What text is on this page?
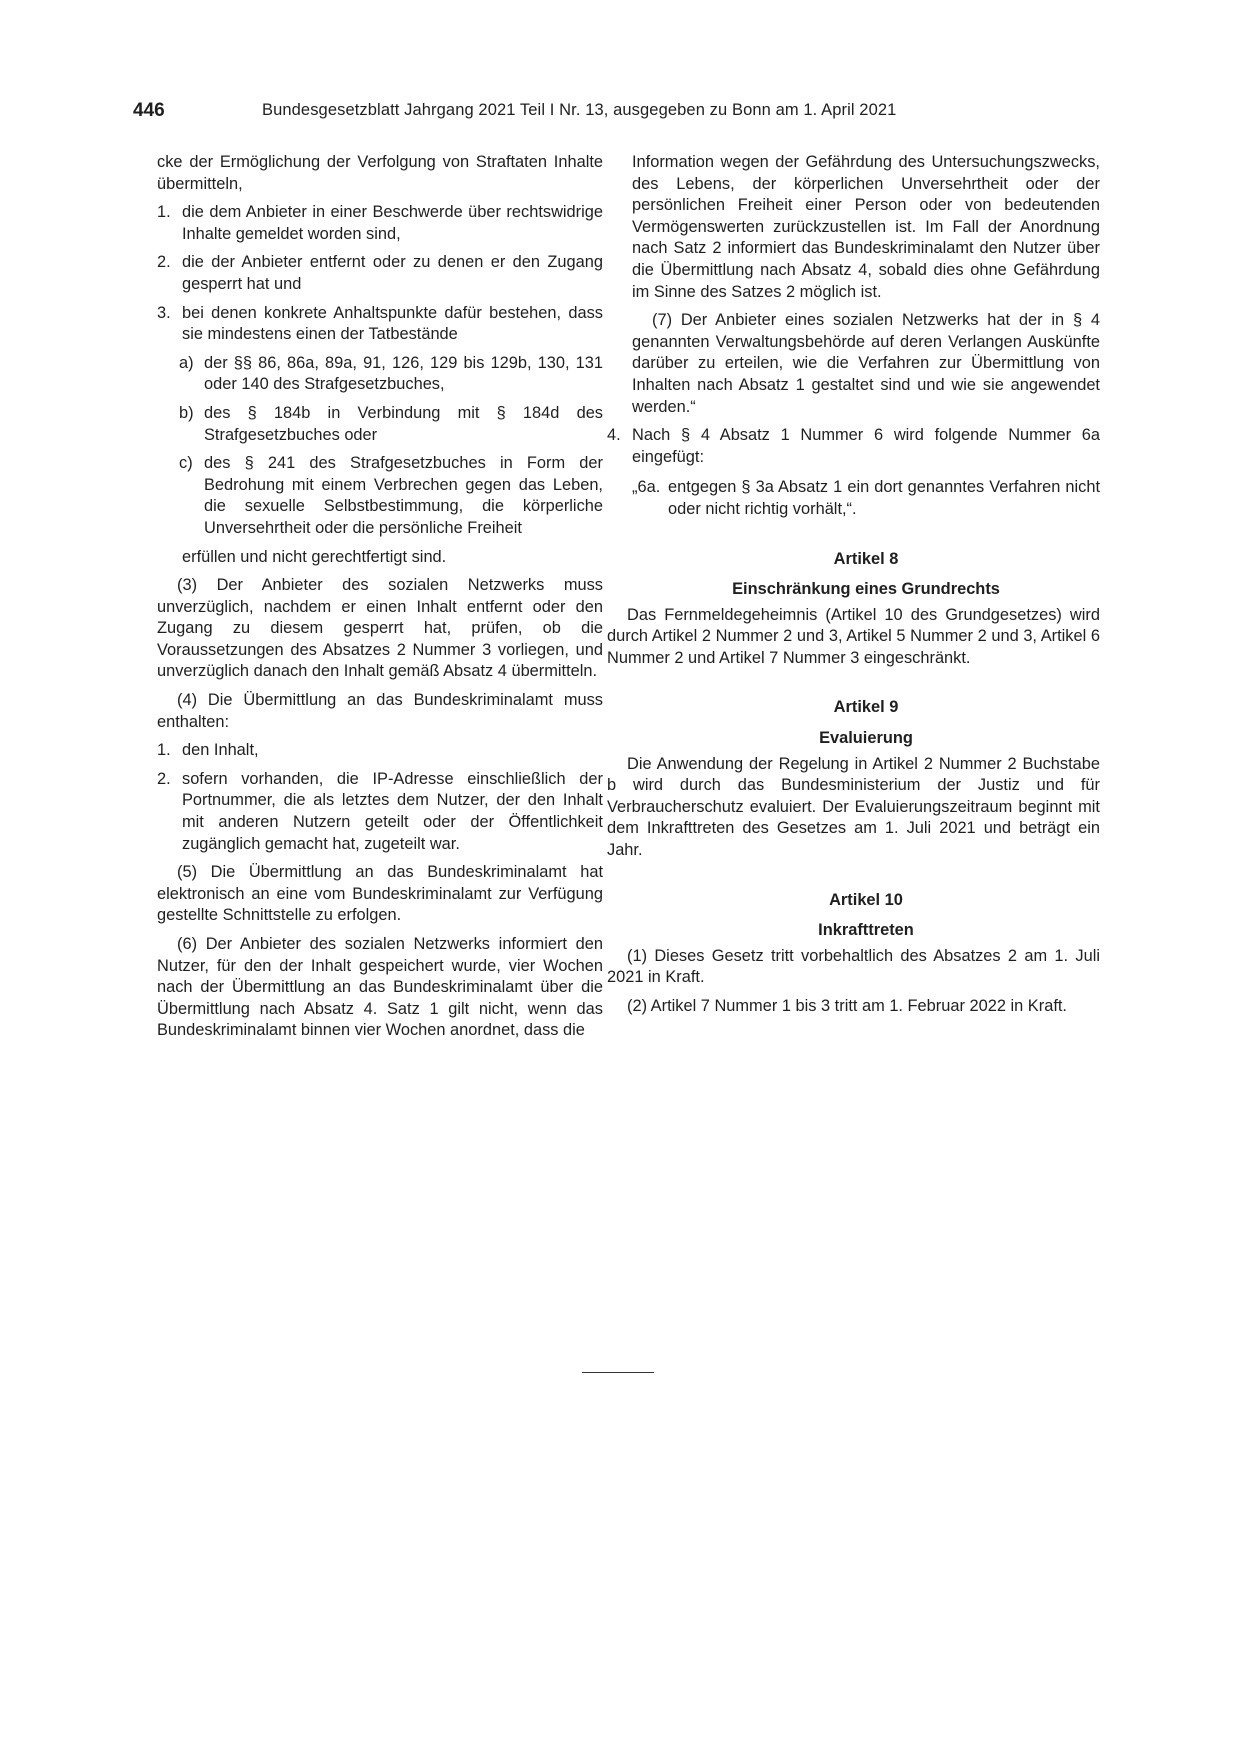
446	Bundesgesetzblatt Jahrgang 2021 Teil I Nr. 13, ausgegeben zu Bonn am 1. April 2021

cke der Ermöglichung der Verfolgung von Straftaten Inhalte übermitteln,

1. die dem Anbieter in einer Beschwerde über rechtswidrige Inhalte gemeldet worden sind,
2. die der Anbieter entfernt oder zu denen er den Zugang gesperrt hat und
3. bei denen konkrete Anhaltspunkte dafür bestehen, dass sie mindestens einen der Tatbestände
a) der §§ 86, 86a, 89a, 91, 126, 129 bis 129b, 130, 131 oder 140 des Strafgesetzbuches,
b) des § 184b in Verbindung mit § 184d des Strafgesetzbuches oder
c) des § 241 des Strafgesetzbuches in Form der Bedrohung mit einem Verbrechen gegen das Leben, die sexuelle Selbstbestimmung, die körperliche Unversehrtheit oder die persönliche Freiheit

erfüllen und nicht gerechtfertigt sind.

(3) Der Anbieter des sozialen Netzwerks muss unverzüglich, nachdem er einen Inhalt entfernt oder den Zugang zu diesem gesperrt hat, prüfen, ob die Voraussetzungen des Absatzes 2 Nummer 3 vorliegen, und unverzüglich danach den Inhalt gemäß Absatz 4 übermitteln.

(4) Die Übermittlung an das Bundeskriminalamt muss enthalten:

1. den Inhalt,
2. sofern vorhanden, die IP-Adresse einschließlich der Portnummer, die als letztes dem Nutzer, der den Inhalt mit anderen Nutzern geteilt oder der Öffentlichkeit zugänglich gemacht hat, zugeteilt war.

(5) Die Übermittlung an das Bundeskriminalamt hat elektronisch an eine vom Bundeskriminalamt zur Verfügung gestellte Schnittstelle zu erfolgen.

(6) Der Anbieter des sozialen Netzwerks informiert den Nutzer, für den der Inhalt gespeichert wurde, vier Wochen nach der Übermittlung an das Bundeskriminalamt über die Übermittlung nach Absatz 4. Satz 1 gilt nicht, wenn das Bundeskriminalamt binnen vier Wochen anordnet, dass die

Information wegen der Gefährdung des Untersuchungszwecks, des Lebens, der körperlichen Unversehrtheit oder der persönlichen Freiheit einer Person oder von bedeutenden Vermögenswerten zurückzustellen ist. Im Fall der Anordnung nach Satz 2 informiert das Bundeskriminalamt den Nutzer über die Übermittlung nach Absatz 4, sobald dies ohne Gefährdung im Sinne des Satzes 2 möglich ist.

(7) Der Anbieter eines sozialen Netzwerks hat der in § 4 genannten Verwaltungsbehörde auf deren Verlangen Auskünfte darüber zu erteilen, wie die Verfahren zur Übermittlung von Inhalten nach Absatz 1 gestaltet sind und wie sie angewendet werden.“

4. Nach § 4 Absatz 1 Nummer 6 wird folgende Nummer 6a eingefügt:
„6a. entgegen § 3a Absatz 1 ein dort genanntes Verfahren nicht oder nicht richtig vorhält,“.

Artikel 8

Einschränkung eines Grundrechts

Das Fernmeldegeheimnis (Artikel 10 des Grundgesetzes) wird durch Artikel 2 Nummer 2 und 3, Artikel 5 Nummer 2 und 3, Artikel 6 Nummer 2 und Artikel 7 Nummer 3 eingeschränkt.

Artikel 9

Evaluierung

Die Anwendung der Regelung in Artikel 2 Nummer 2 Buchstabe b wird durch das Bundesministerium der Justiz und für Verbraucherschutz evaluiert. Der Evaluierungszeitraum beginnt mit dem Inkrafttreten des Gesetzes am 1. Juli 2021 und beträgt ein Jahr.

Artikel 10

Inkrafttreten

(1) Dieses Gesetz tritt vorbehaltlich des Absatzes 2 am 1. Juli 2021 in Kraft.

(2) Artikel 7 Nummer 1 bis 3 tritt am 1. Februar 2022 in Kraft.
